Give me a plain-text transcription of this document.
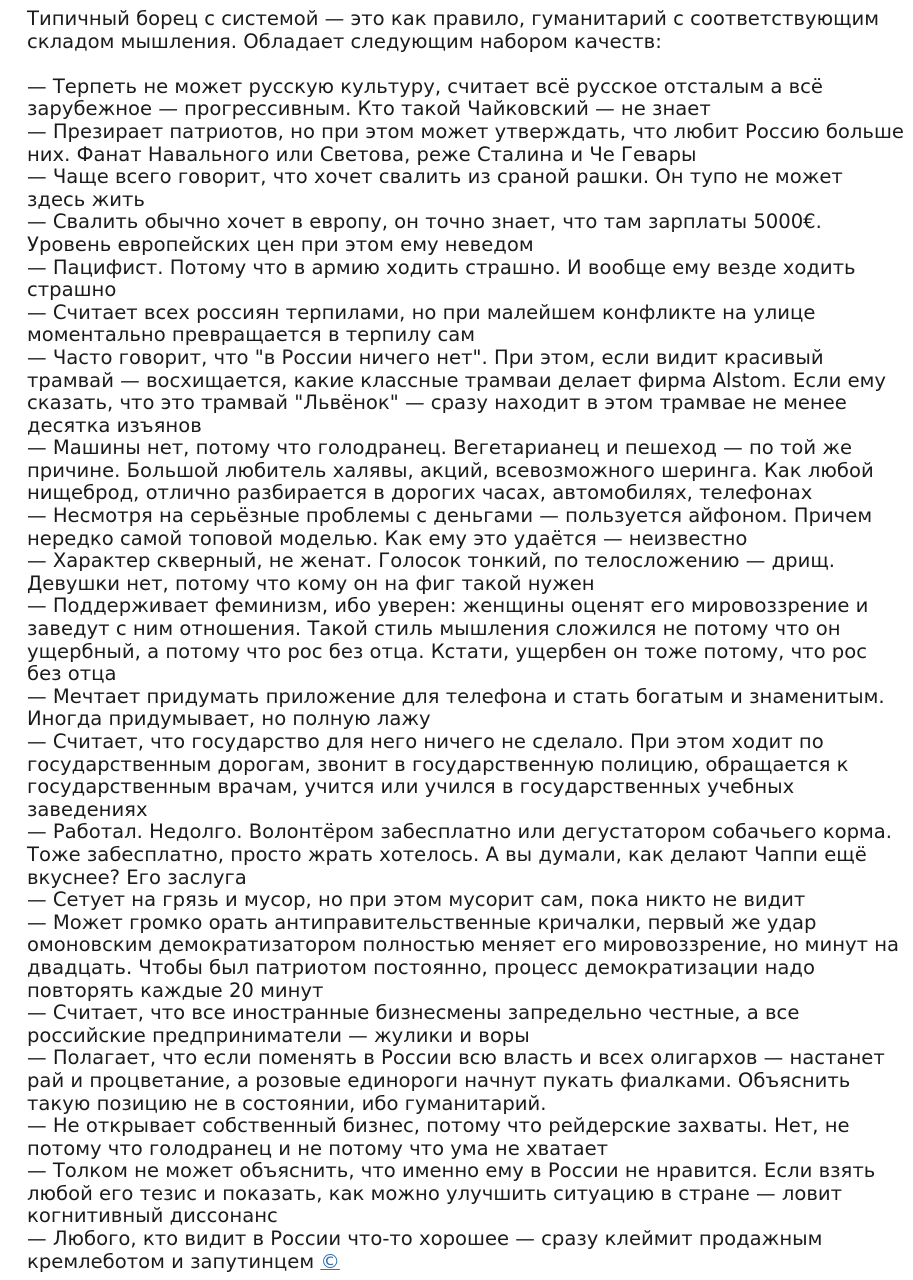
Типичный борец с системой — это как правило, гуманитарий с соответствующим складом мышления. Обладает следующим набором качеств:

— Терпеть не может русскую культуру, считает всё русское отсталым а всё зарубежное — прогрессивным. Кто такой Чайковский — не знает

— Презирает патриотов, но при этом может утверждать, что любит Россию больше них. Фанат Навального или Светова, реже Сталина и Че Гевары

— Чаще всего говорит, что хочет свалить из сраной рашки. Он тупо не может здесь жить

— Свалить обычно хочет в европу, он точно знает, что там зарплаты 5000€. Уровень европейских цен при этом ему неведом

— Пацифист. Потому что в армию ходить страшно. И вообще ему везде ходить страшно

— Считает всех россиян терпилами, но при малейшем конфликте на улице моментально превращается в терпилу сам

— Часто говорит, что "в России ничего нет". При этом, если видит красивый трамвай — восхищается, какие классные трамваи делает фирма Alstom. Если ему сказать, что это трамвай "Львёнок" — сразу находит в этом трамвае не менее десятка изъянов

— Машины нет, потому что голодранец. Вегетарианец и пешеход — по той же причине. Большой любитель халявы, акций, всевозможного шеринга. Как любой нищеброд, отлично разбирается в дорогих часах, автомобилях, телефонах

— Несмотря на серьёзные проблемы с деньгами — пользуется айфоном. Причем нередко самой топовой моделью. Как ему это удаётся — неизвестно

— Характер скверный, не женат. Голосок тонкий, по телосложению — дрищ. Девушки нет, потому что кому он на фиг такой нужен

— Поддерживает феминизм, ибо уверен: женщины оценят его мировоззрение и заведут с ним отношения. Такой стиль мышления сложился не потому что он ущербный, а потому что рос без отца. Кстати, ущербен он тоже потому, что рос без отца

— Мечтает придумать приложение для телефона и стать богатым и знаменитым. Иногда придумывает, но полную лажу

— Считает, что государство для него ничего не сделало. При этом ходит по государственным дорогам, звонит в государственную полицию, обращается к государственным врачам, учится или учился в государственных учебных заведениях

— Работал. Недолго. Волонтёром забесплатно или дегустатором собачьего корма. Тоже забесплатно, просто жрать хотелось. А вы думали, как делают Чаппи ещё вкуснее? Его заслуга

— Сетует на грязь и мусор, но при этом мусорит сам, пока никто не видит

— Может громко орать антиправительственные кричалки, первый же удар омоновским демократизатором полностью меняет его мировоззрение, но минут на двадцать. Чтобы был патриотом постоянно, процесс демократизации надо повторять каждые 20 минут

— Считает, что все иностранные бизнесмены запредельно честные, а все российские предприниматели — жулики и воры

— Полагает, что если поменять в России всю власть и всех олигархов — настанет рай и процветание, а розовые единороги начнут пукать фиалками. Объяснить такую позицию не в состоянии, ибо гуманитарий.

— Не открывает собственный бизнес, потому что рейдерские захваты. Нет, не потому что голодранец и не потому что ума не хватает

— Толком не может объяснить, что именно ему в России не нравится. Если взять любой его тезис и показать, как можно улучшить ситуацию в стране — ловит когнитивный диссонанс

— Любого, кто видит в России что-то хорошее — сразу клеймит продажным кремлеботом и запутинцем ©
